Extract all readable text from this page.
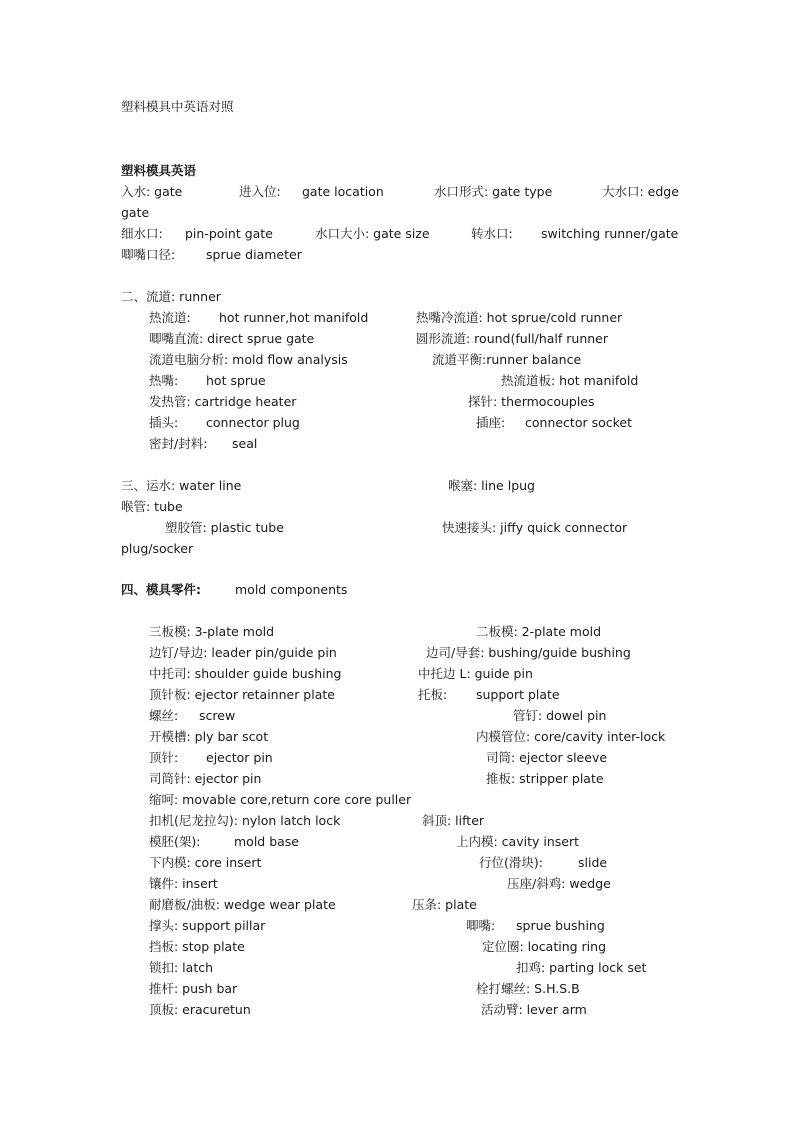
塑料模具中英语对照
塑料模具英语
入水: gate	进入位: gate location	水口形式: gate type	大水口: edge
gate
细水口: pin-point gate	水口大小: gate size	转水口: switching runner/gate
唧嘴口径: sprue diameter
二、流道: runner
热流道: hot runner,hot manifold	热嘴冷流道: hot sprue/cold runner
唧嘴直流: direct sprue gate	圆形流道: round(full/half runner
流道电脑分析: mold flow analysis	流道平衡:runner balance
热嘴: hot sprue	热流道板: hot manifold
发热管: cartridge heater	探针: thermocouples
插头: connector plug	插座: connector socket
密封/封料: seal
三、运水: water line	喉塞: line lpug
喉管: tube
塑胶管: plastic tube	快速接头: jiffy quick connector
plug/socker
四、模具零件:	mold components
三板模: 3-plate mold	二板模: 2-plate mold
边钉/导边: leader pin/guide pin	边司/导套: bushing/guide bushing
中托司: shoulder guide bushing	中托边 L: guide pin
顶针板: ejector retainner plate	托板: support plate
螺丝: screw	管钉: dowel pin
开模槽: ply bar scot	内模管位: core/cavity inter-lock
顶针: ejector pin	司筒: ejector sleeve
司筒针: ejector pin	推板: stripper plate
缩呵: movable core,return core core puller
扣机(尼龙拉勾): nylon latch lock	斜顶: lifter
模胚(架):	mold base	上内模: cavity insert
下内模: core insert	行位(滑块):	slide
镶件: insert	压座/斜鸡: wedge
耐磨板/油板: wedge wear plate	压条: plate
撑头: support pillar	唧嘴: sprue bushing
挡板: stop plate	定位圈: locating ring
锁扣: latch	扣鸡: parting lock set
推杆: push bar	栓打螺丝: S.H.S.B
顶板: eracuretun	活动臂: lever arm
